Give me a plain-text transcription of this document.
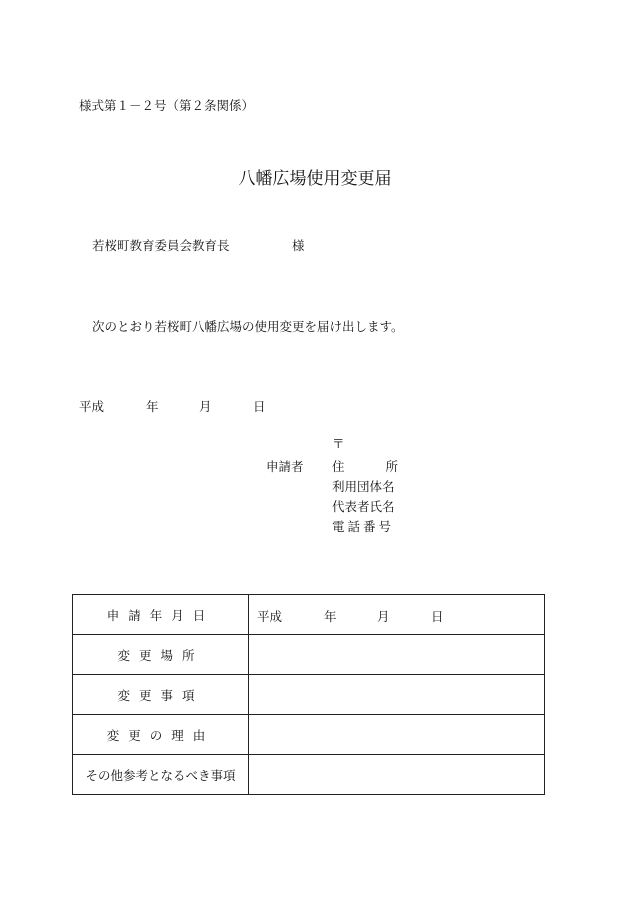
様式第１－２号（第２条関係）
八幡広場使用変更届
若桜町教育委員会教育長	様
次のとおり若桜町八幡広場の使用変更を届け出します。
平成	年	月	日
〒
申請者 住	所
利用団体名
代表者氏名
電話番号
申請年月日	平成 年 月 日

変更場所	
変更事項	
変更の理由	
その他参考となるべき事項	
